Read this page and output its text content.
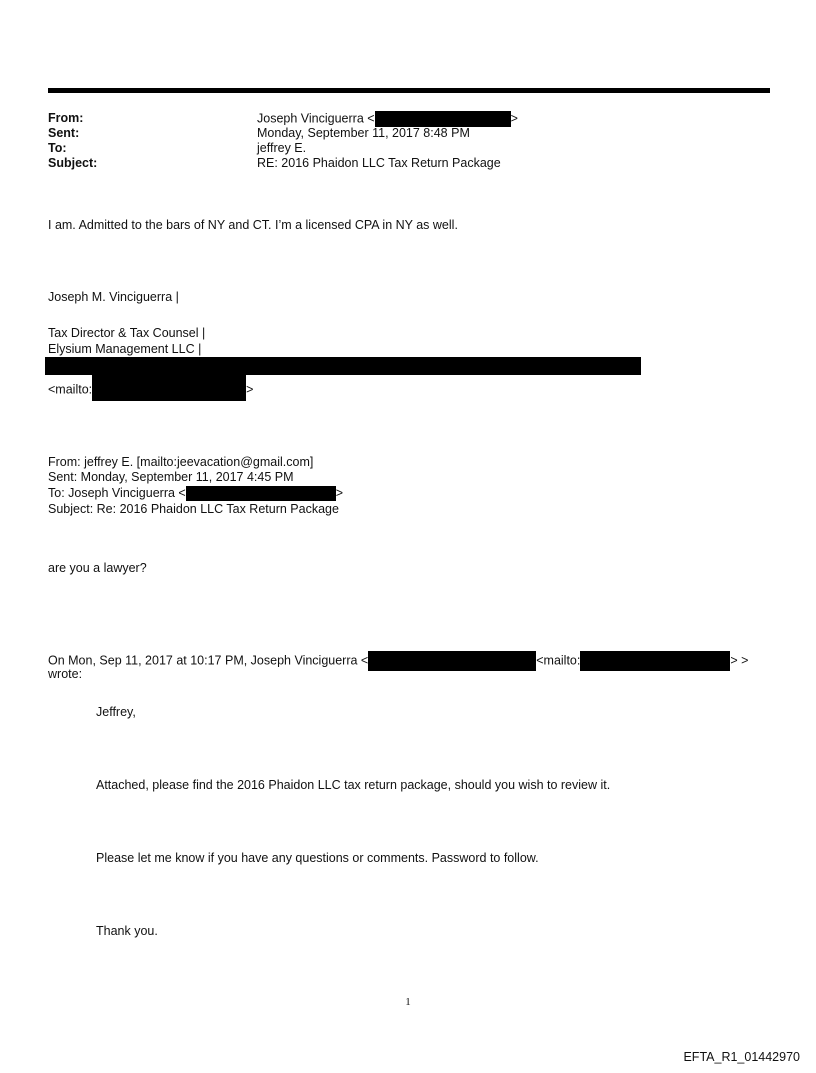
From:	Joseph Vinciguerra <	>
Sent:	Monday, September 11, 2017 8:48 PM
To:	jeffrey E.
Subject:	RE: 2016 Phaidon LLC Tax Return Package
I am. Admitted to the bars of NY and CT. I’m a licensed CPA in NY as well.
Joseph M. Vinciguerra |
Tax Director & Tax Counsel |
Elysium Management LLC |
<mailto:	>
From: jeffrey E. [mailto:jeevacation@gmail.com]
Sent: Monday, September 11, 2017 4:45 PM
To: Joseph Vinciguerra <	>
Subject: Re: 2016 Phaidon LLC Tax Return Package
are you a lawyer?
On Mon, Sep 11, 2017 at 10:17 PM, Joseph Vinciguerra <	<mailto:	> >
wrote:
Jeffrey,
Attached, please find the 2016 Phaidon LLC tax return package, should you wish to review it.
Please let me know if you have any questions or comments. Password to follow.
Thank you.
1
EFTA_R1_01442970
